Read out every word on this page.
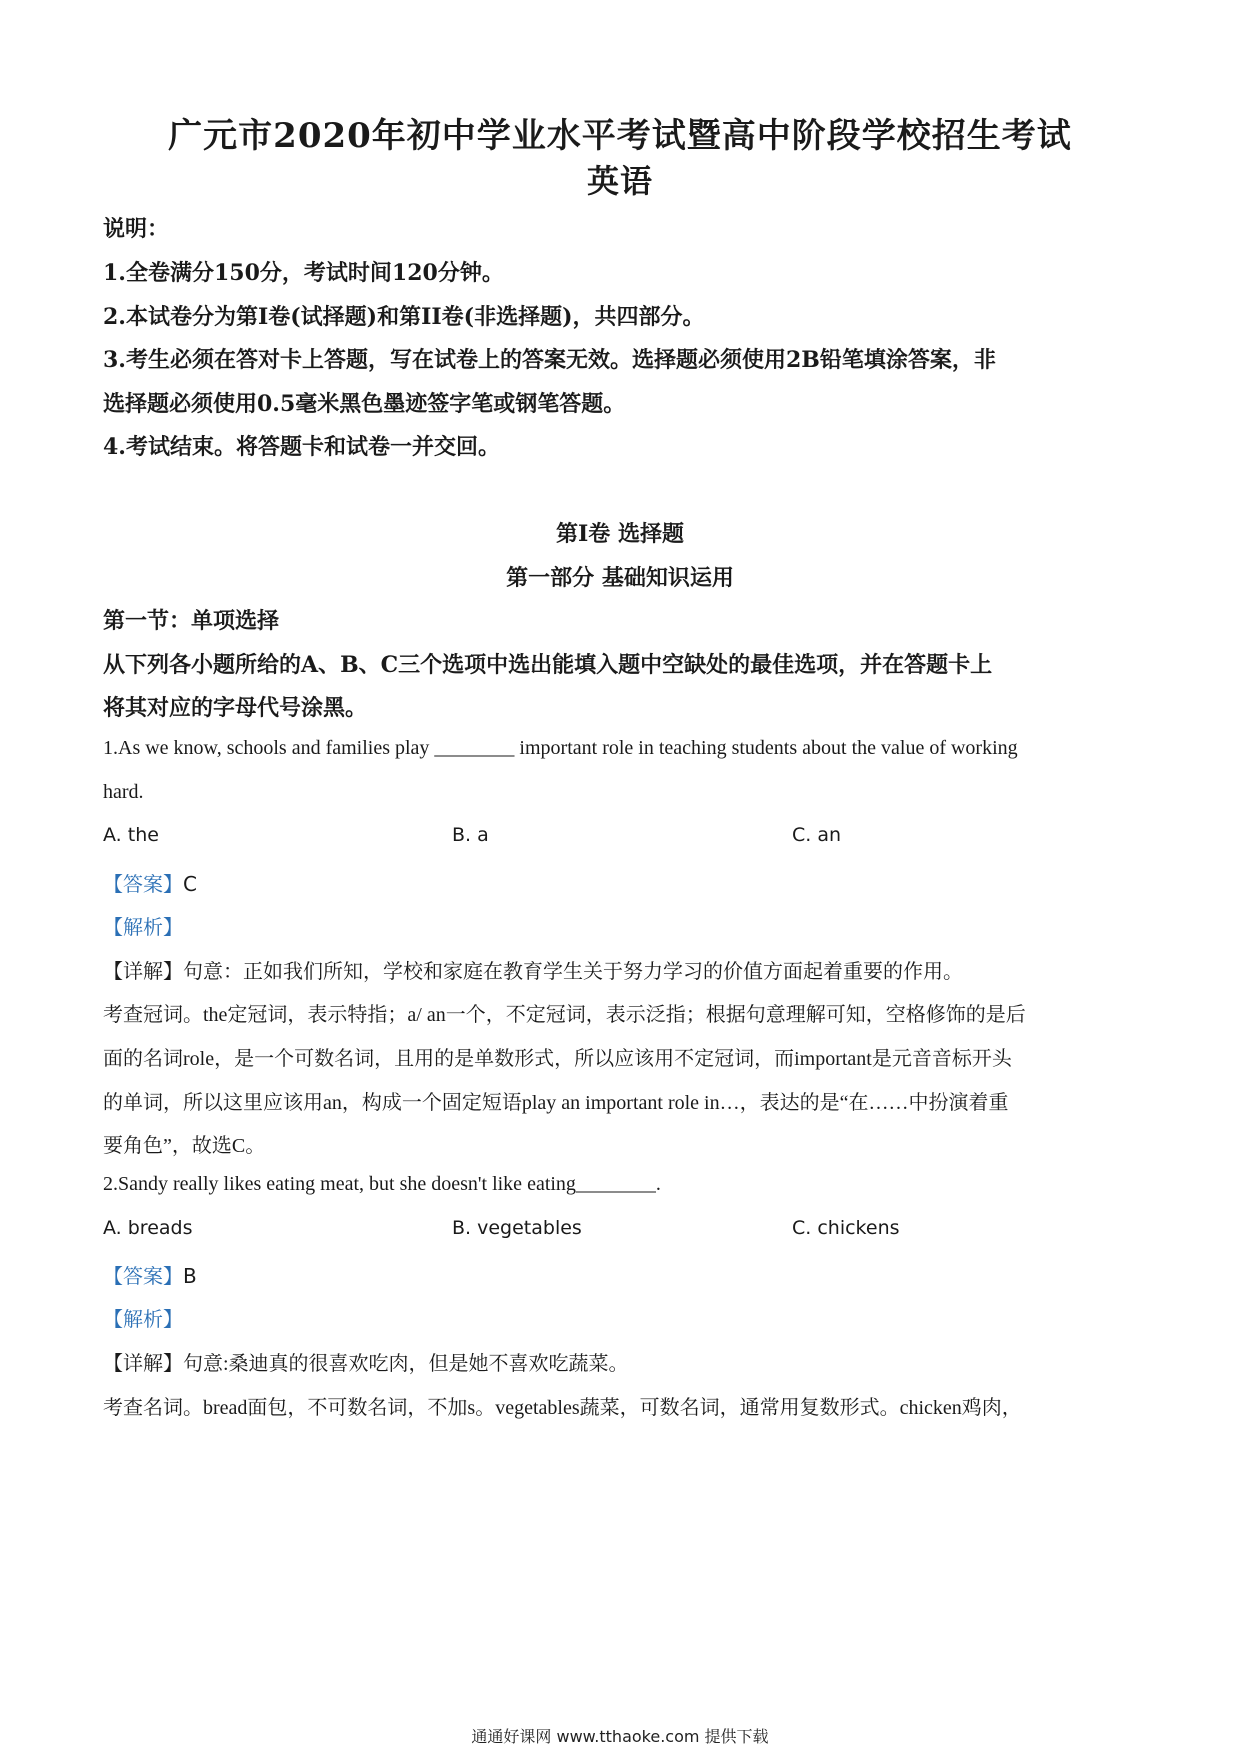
广元市2020年初中学业水平考试暨高中阶段学校招生考试
英语
说明：
1.全卷满分150分，考试时间120分钟。
2.本试卷分为第I卷(试择题)和第II卷(非选择题)，共四部分。
3.考生必须在答对卡上答题，写在试卷上的答案无效。选择题必须使用2B铅笔填涂答案，非
选择题必须使用0.5毫米黑色墨迹签字笔或钢笔答题。
4.考试结束。将答题卡和试卷一并交回。
第I卷 选择题
第一部分 基础知识运用
第一节：单项选择
从下列各小题所给的A、B、C三个选项中选出能填入题中空缺处的最佳选项，并在答题卡上
将其对应的字母代号涂黑。
1.As we know, schools and families play ________ important role in teaching students about the value of working
hard.
A. the	B. a	C. an
【答案】C
【解析】
【详解】句意：正如我们所知，学校和家庭在教育学生关于努力学习的价值方面起着重要的作用。
考查冠词。the定冠词，表示特指；a/ an一个，不定冠词，表示泛指；根据句意理解可知，空格修饰的是后
面的名词role，是一个可数名词，且用的是单数形式，所以应该用不定冠词，而important是元音音标开头
的单词，所以这里应该用an，构成一个固定短语play an important role in…，表达的是“在……中扮演着重
要角色”，故选C。
2.Sandy really likes eating meat, but she doesn't like eating________.
A. breads	B. vegetables	C. chickens
【答案】B
【解析】
【详解】句意:桑迪真的很喜欢吃肉，但是她不喜欢吃蔬菜。
考查名词。bread面包，不可数名词，不加s。vegetables蔬菜，可数名词，通常用复数形式。chicken鸡肉，
通通好课网 www.tthaoke.com 提供下载
